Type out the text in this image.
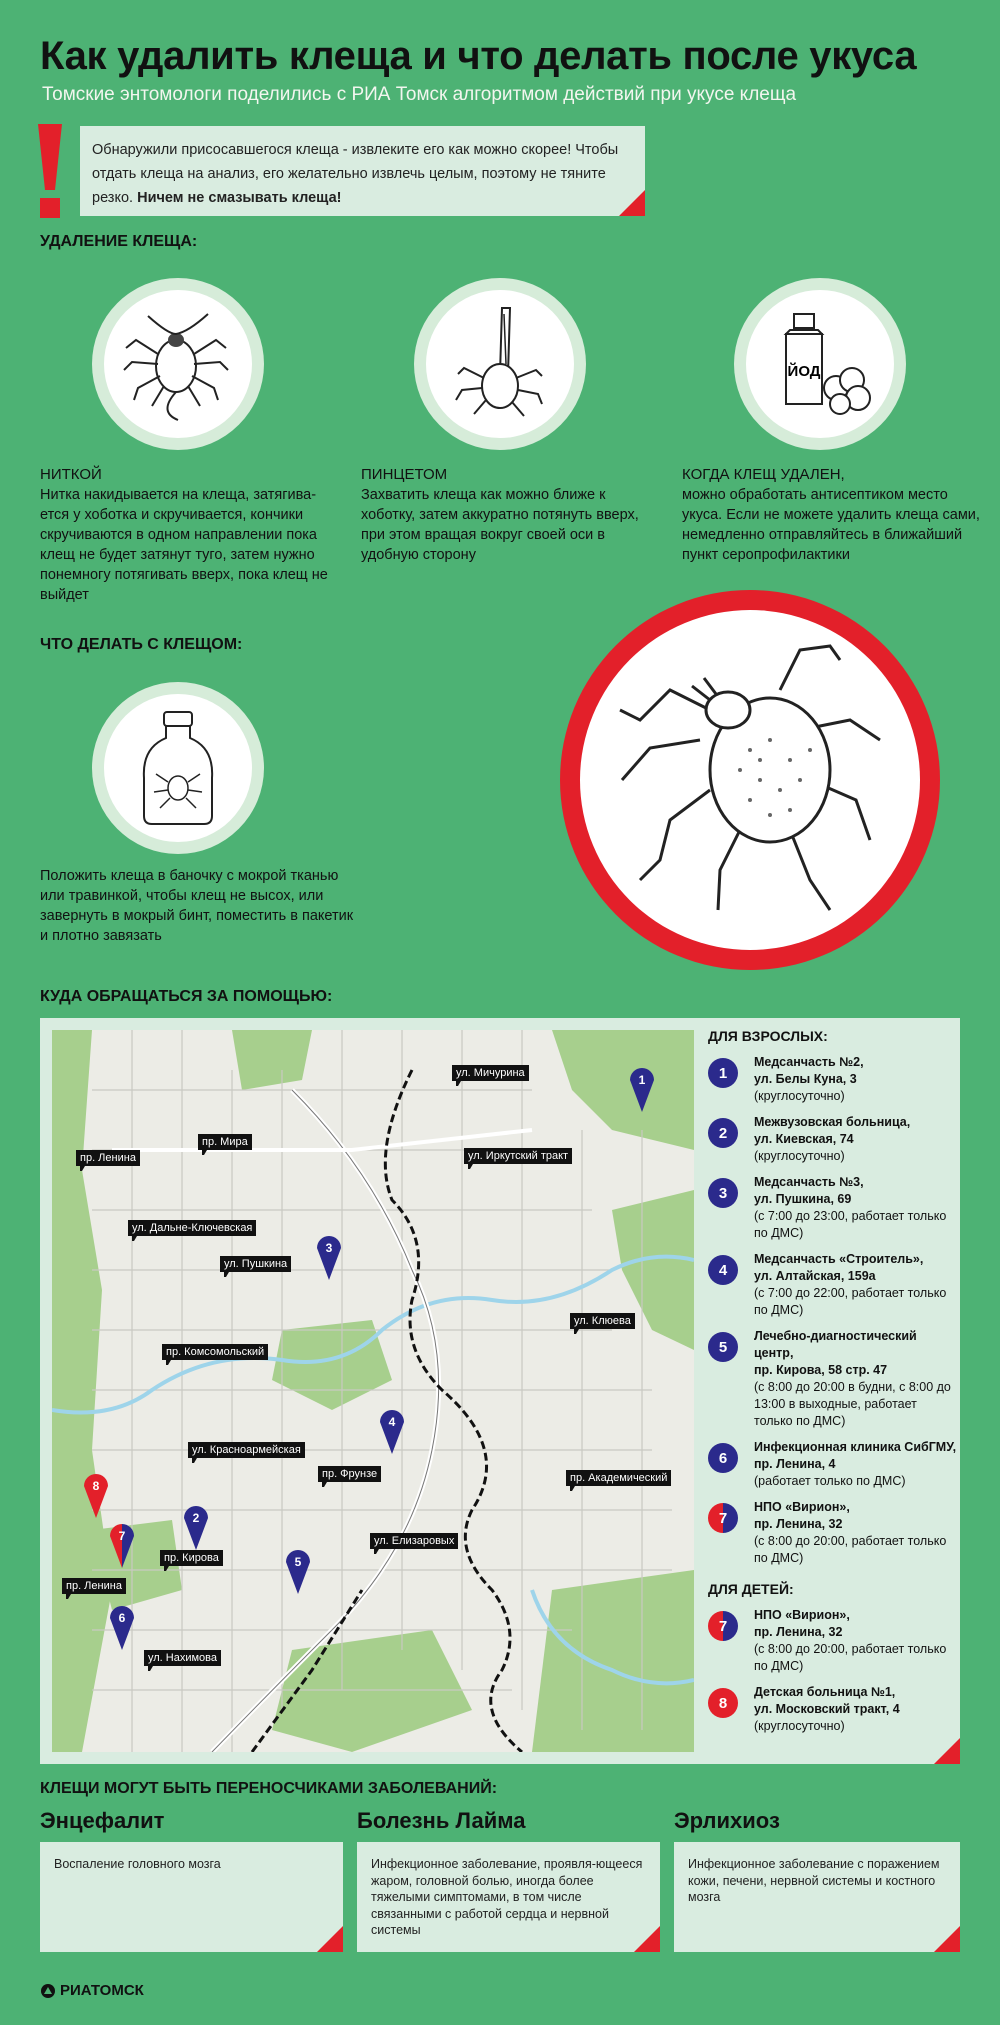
Как удалить клеща и что делать после укуса
Томские энтомологи поделились с РИА Томск алгоритмом действий при укусе клеща
Обнаружили присосавшегося клеща - извлеките его как можно скорее! Чтобы отдать клеща на анализ, его желательно извлечь целым, поэтому не тяните резко. Ничем не смазывать клеща!
УДАЛЕНИЕ КЛЕЩА:
ЙОД
НИТКОЙ
Нитка накидывается на клеща, затягива-ется у хоботка и скручивается, кончики скручиваются в одном направлении пока клещ не будет затянут туго, затем нужно понемногу потягивать вверх, пока клещ не выйдет
ПИНЦЕТОМ
Захватить клеща как можно ближе к хоботку, затем аккуратно потянуть вверх, при этом вращая вокруг своей оси в удобную сторону
КОГДА КЛЕЩ УДАЛЕН,
можно обработать антисептиком место укуса. Если не можете удалить клеща сами, немедленно отправляйтесь в ближайший пункт серопрофилактики
ЧТО ДЕЛАТЬ С КЛЕЩОМ:
Положить клеща в баночку с мокрой тканью или травинкой, чтобы клещ не высох, или завернуть в мокрый бинт, поместить в пакетик и плотно завязать
КУДА ОБРАЩАТЬСЯ ЗА ПОМОЩЬЮ:
ул. Мичурина
пр. Ленина
пр. Мира
ул. Иркутский тракт
ул. Дальне-Ключевская
ул. Пушкина
ул. Клюева
пр. Комсомольский
ул. Красноармейская
пр. Фрунзе	пр. Академический
ул. Елизаровых
пр. Кирова
пр. Ленина
ул. Нахимова
1
2
3
4
5
6
7
8
ДЛЯ ВЗРОСЛЫХ:
1
Медсанчасть №2,
ул. Белы Куна, 3
(круглосуточно)
2
Межвузовская больница,
ул. Киевская, 74
(круглосуточно)
3
Медсанчасть №3,
ул. Пушкина, 69
(с 7:00 до 23:00, работает только по ДМС)
4
Медсанчасть «Строитель»,
ул. Алтайская, 159а
(с 7:00 до 22:00, работает только по ДМС)
5
Лечебно-диагностический центр,
пр. Кирова, 58 стр. 47
(с 8:00 до 20:00 в будни, с 8:00 до 13:00 в выходные, работает только по ДМС)
6
Инфекционная клиника СибГМУ,
пр. Ленина, 4
(работает только по ДМС)
7
НПО «Вирион»,
пр. Ленина, 32
(с 8:00 до 20:00, работает только по ДМС)
ДЛЯ ДЕТЕЙ:
7
НПО «Вирион»,
пр. Ленина, 32
(с 8:00 до 20:00, работает только по ДМС)
8
Детская больница №1,
ул. Московский тракт, 4
(круглосуточно)
КЛЕЩИ МОГУТ БЫТЬ ПЕРЕНОСЧИКАМИ ЗАБОЛЕВАНИЙ:
Энцефалит
Воспаление головного мозга
Болезнь Лайма
Инфекционное заболевание, проявля-ющееся жаром, головной болью, иногда более тяжелыми симптомами, в том числе связанными с работой сердца и нервной системы
Эрлихиоз
Инфекционное заболевание с поражением кожи, печени, нервной системы и костного мозга
РИАТОМСК
